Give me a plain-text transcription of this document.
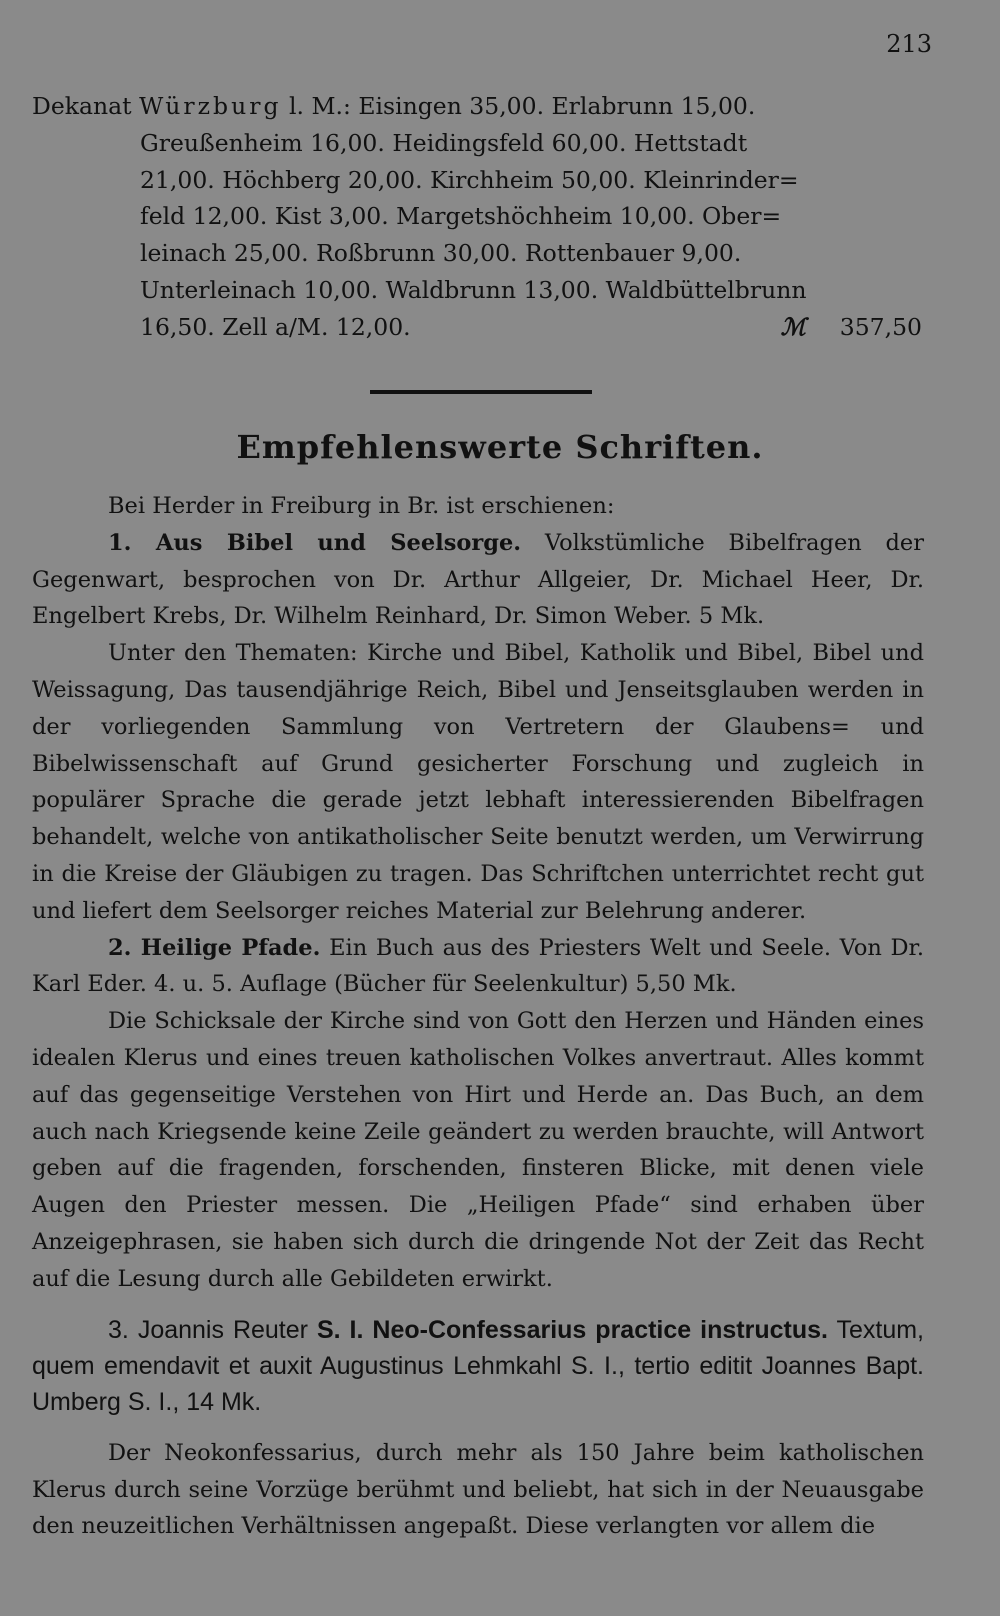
213
Dekanat Würzburg l. M.: Eisingen 35,00. Erlabrunn 15,00.
Greußenheim 16,00. Heidingsfeld 60,00. Hettstadt
21,00. Höchberg 20,00. Kirchheim 50,00. Kleinrinder=
feld 12,00. Kist 3,00. Margetshöchheim 10,00. Ober=
leinach 25,00. Roßbrunn 30,00. Rottenbauer 9,00.
Unterleinach 10,00. Waldbrunn 13,00. Waldbüttelbrunn
16,50. Zell a/M. 12,00.	ℳ 357,50
Empfehlenswerte Schriften.

Bei Herder in Freiburg in Br. ist erschienen:

1. Aus Bibel und Seelsorge. Volkstümliche Bibelfragen der Gegenwart, besprochen von Dr. Arthur Allgeier, Dr. Michael Heer, Dr. Engelbert Krebs, Dr. Wilhelm Reinhard, Dr. Simon Weber. 5 Mk.

Unter den Thematen: Kirche und Bibel, Katholik und Bibel, Bibel und Weissagung, Das tausendjährige Reich, Bibel und Jenseitsglauben werden in der vorliegenden Sammlung von Vertretern der Glaubens= und Bibelwissenschaft auf Grund gesicherter Forschung und zugleich in populärer Sprache die gerade jetzt lebhaft interessierenden Bibelfragen behandelt, welche von antikatholischer Seite benutzt werden, um Verwirrung in die Kreise der Gläubigen zu tragen. Das Schriftchen unterrichtet recht gut und liefert dem Seelsorger reiches Material zur Belehrung anderer.

2. Heilige Pfade. Ein Buch aus des Priesters Welt und Seele. Von Dr. Karl Eder. 4. u. 5. Auflage (Bücher für Seelenkultur) 5,50 Mk.

Die Schicksale der Kirche sind von Gott den Herzen und Händen eines idealen Klerus und eines treuen katholischen Volkes anvertraut. Alles kommt auf das gegenseitige Verstehen von Hirt und Herde an. Das Buch, an dem auch nach Kriegsende keine Zeile geändert zu werden brauchte, will Antwort geben auf die fragenden, forschenden, finsteren Blicke, mit denen viele Augen den Priester messen. Die „Heiligen Pfade“ sind erhaben über Anzeigephrasen, sie haben sich durch die dringende Not der Zeit das Recht auf die Lesung durch alle Gebildeten erwirkt.

3. Joannis Reuter S. I. Neo-Confessarius practice instructus. Textum, quem emendavit et auxit Augustinus Lehmkahl S. I., tertio editit Joannes Bapt. Umberg S. I., 14 Mk.

Der Neokonfessarius, durch mehr als 150 Jahre beim katholischen Klerus durch seine Vorzüge berühmt und beliebt, hat sich in der Neuausgabe den neuzeitlichen Verhältnissen angepaßt. Diese verlangten vor allem die
